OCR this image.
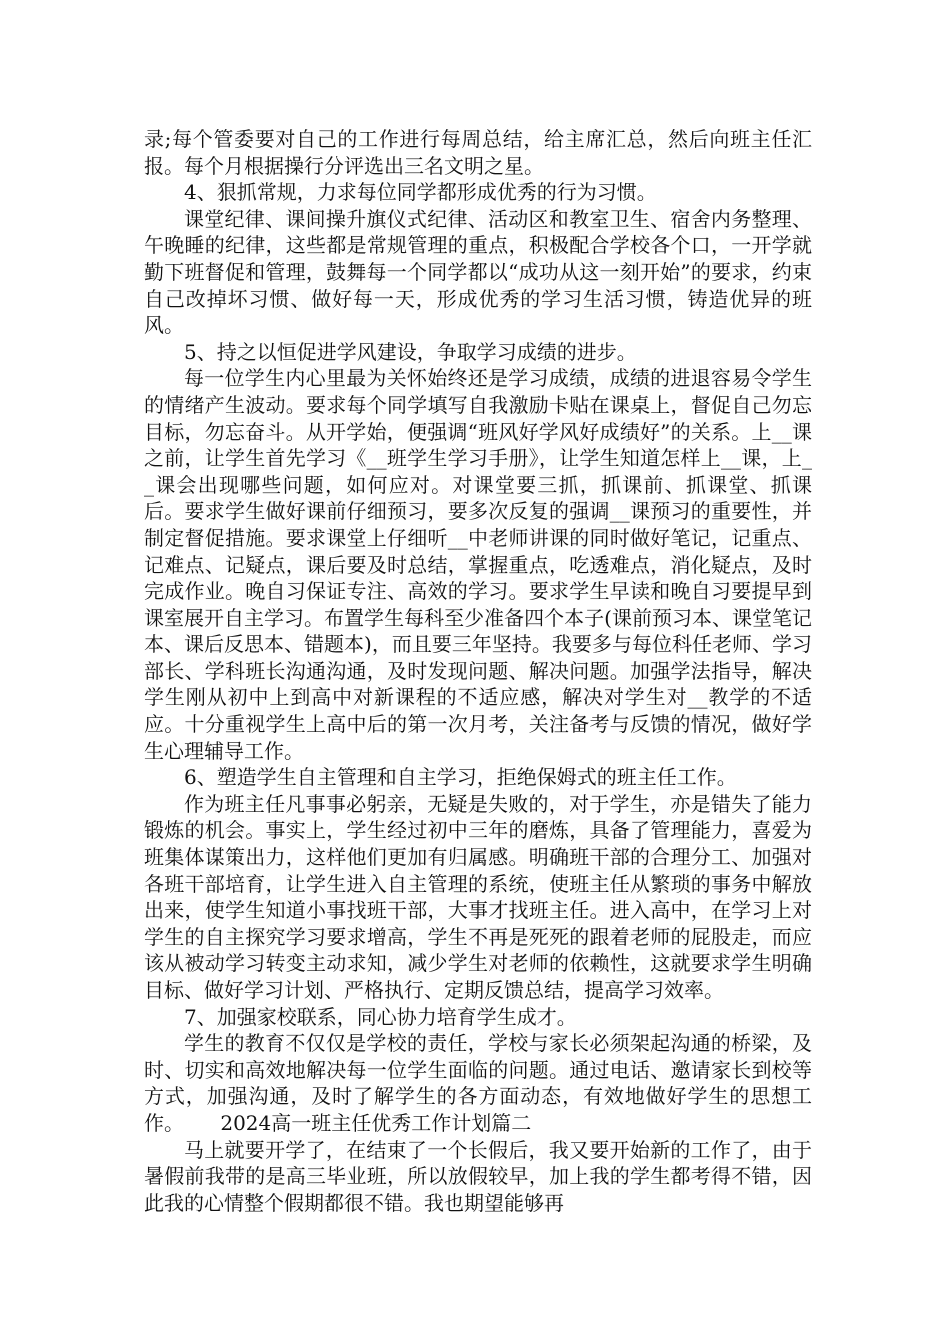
录;每个管委要对自己的工作进行每周总结，给主席汇总，然后向班主任汇报。每个月根据操行分评选出三名文明之星。

4、狠抓常规，力求每位同学都形成优秀的行为习惯。

课堂纪律、课间操升旗仪式纪律、活动区和教室卫生、宿舍内务整理、午晚睡的纪律，这些都是常规管理的重点，积极配合学校各个口，一开学就勤下班督促和管理，鼓舞每一个同学都以“成功从这一刻开始”的要求，约束自己改掉坏习惯、做好每一天，形成优秀的学习生活习惯，铸造优异的班风。

5、持之以恒促进学风建设，争取学习成绩的进步。

每一位学生内心里最为关怀始终还是学习成绩，成绩的进退容易令学生的情绪产生波动。要求每个同学填写自我激励卡贴在课桌上，督促自己勿忘目标，勿忘奋斗。从开学始，便强调“班风好学风好成绩好”的关系。上__课之前，让学生首先学习《__班学生学习手册》，让学生知道怎样上__课，上__课会出现哪些问题，如何应对。对课堂要三抓，抓课前、抓课堂、抓课后。要求学生做好课前仔细预习，要多次反复的强调__课预习的重要性，并制定督促措施。要求课堂上仔细听__中老师讲课的同时做好笔记，记重点、记难点、记疑点，课后要及时总结，掌握重点，吃透难点，消化疑点，及时完成作业。晚自习保证专注、高效的学习。要求学生早读和晚自习要提早到课室展开自主学习。布置学生每科至少准备四个本子(课前预习本、课堂笔记本、课后反思本、错题本)，而且要三年坚持。我要多与每位科任老师、学习部长、学科班长沟通沟通，及时发现问题、解决问题。加强学法指导，解决学生刚从初中上到高中对新课程的不适应感，解决对学生对__教学的不适应。十分重视学生上高中后的第一次月考，关注备考与反馈的情况，做好学生心理辅导工作。

6、塑造学生自主管理和自主学习，拒绝保姆式的班主任工作。

作为班主任凡事事必躬亲，无疑是失败的，对于学生，亦是错失了能力锻炼的机会。事实上，学生经过初中三年的磨炼，具备了管理能力，喜爱为班集体谋策出力，这样他们更加有归属感。明确班干部的合理分工、加强对各班干部培育，让学生进入自主管理的系统，使班主任从繁琐的事务中解放出来，使学生知道小事找班干部，大事才找班主任。进入高中，在学习上对学生的自主探究学习要求增高，学生不再是死死的跟着老师的屁股走，而应该从被动学习转变主动求知，减少学生对老师的依赖性，这就要求学生明确目标、做好学习计划、严格执行、定期反馈总结，提高学习效率。

7、加强家校联系，同心协力培育学生成才。

学生的教育不仅仅是学校的责任，学校与家长必须架起沟通的桥梁，及时、切实和高效地解决每一位学生面临的问题。通过电话、邀请家长到校等方式，加强沟通，及时了解学生的各方面动态，有效地做好学生的思想工作。　　 2024高一班主任优秀工作计划篇二

马上就要开学了，在结束了一个长假后，我又要开始新的工作了，由于暑假前我带的是高三毕业班，所以放假较早，加上我的学生都考得不错，因此我的心情整个假期都很不错。我也期望能够再
